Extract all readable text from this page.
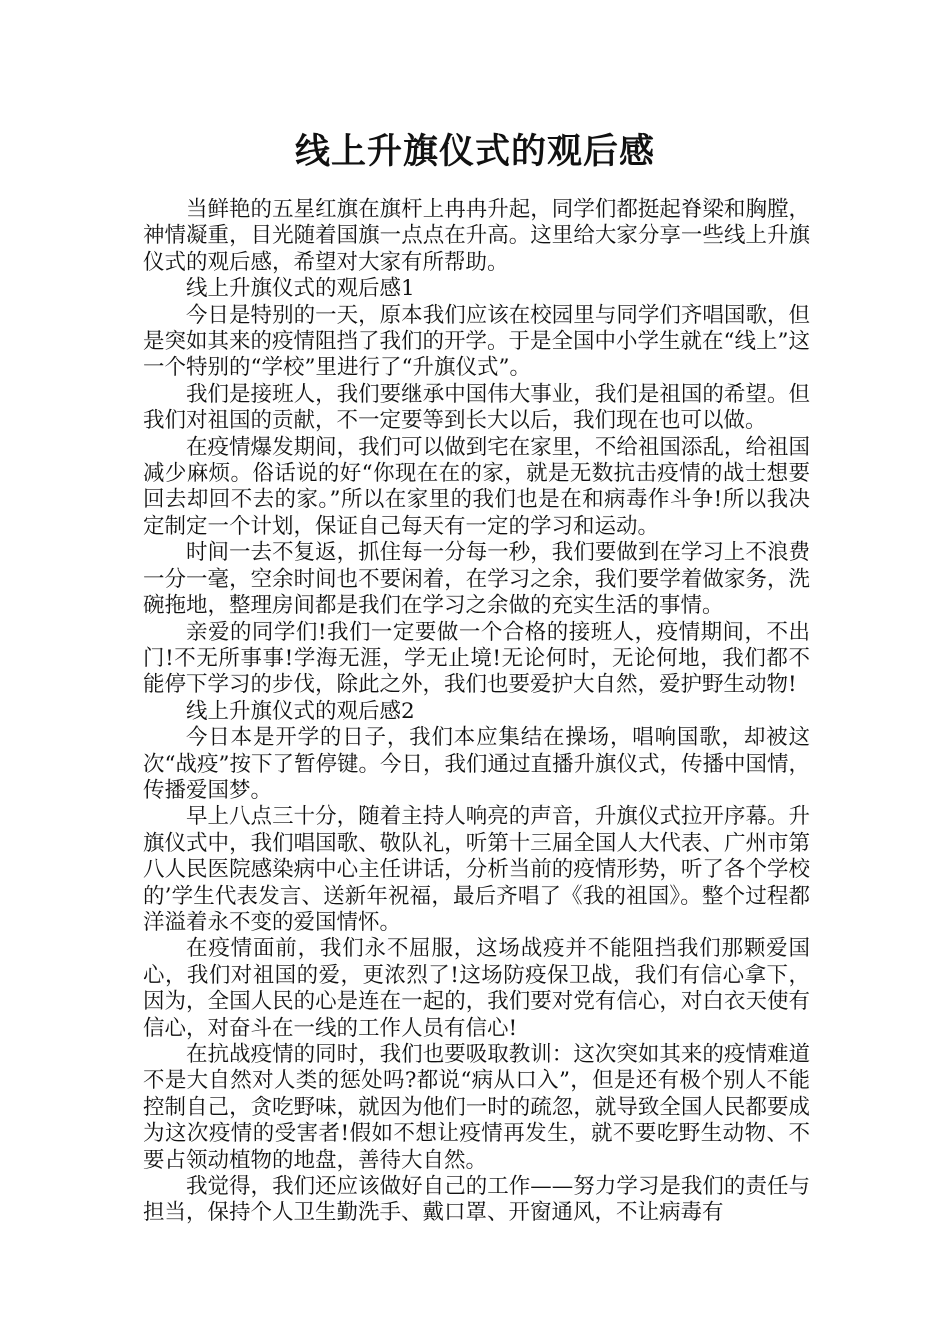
线上升旗仪式的观后感

当鲜艳的五星红旗在旗杆上冉冉升起，同学们都挺起脊梁和胸膛，神情凝重，目光随着国旗一点点在升高。这里给大家分享一些线上升旗仪式的观后感，希望对大家有所帮助。

线上升旗仪式的观后感1

今日是特别的一天，原本我们应该在校园里与同学们齐唱国歌，但是突如其来的疫情阻挡了我们的开学。于是全国中小学生就在“线上”这一个特别的“学校”里进行了“升旗仪式”。

我们是接班人，我们要继承中国伟大事业，我们是祖国的希望。但我们对祖国的贡献，不一定要等到长大以后，我们现在也可以做。

在疫情爆发期间，我们可以做到宅在家里，不给祖国添乱，给祖国减少麻烦。俗话说的好“你现在在的家，就是无数抗击疫情的战士想要回去却回不去的家。”所以在家里的我们也是在和病毒作斗争!所以我决定制定一个计划，保证自己每天有一定的学习和运动。

时间一去不复返，抓住每一分每一秒，我们要做到在学习上不浪费一分一毫，空余时间也不要闲着，在学习之余，我们要学着做家务，洗碗拖地，整理房间都是我们在学习之余做的充实生活的事情。

亲爱的同学们!我们一定要做一个合格的接班人，疫情期间，不出门!不无所事事!学海无涯，学无止境!无论何时，无论何地，我们都不能停下学习的步伐，除此之外，我们也要爱护大自然，爱护野生动物!

线上升旗仪式的观后感2

今日本是开学的日子，我们本应集结在操场，唱响国歌，却被这次“战疫”按下了暂停键。今日，我们通过直播升旗仪式，传播中国情，传播爱国梦。

早上八点三十分，随着主持人响亮的声音，升旗仪式拉开序幕。升旗仪式中，我们唱国歌、敬队礼，听第十三届全国人大代表、广州市第八人民医院感染病中心主任讲话，分析当前的疫情形势，听了各个学校的’学生代表发言、送新年祝福，最后齐唱了《我的祖国》。整个过程都洋溢着永不变的爱国情怀。

在疫情面前，我们永不屈服，这场战疫并不能阻挡我们那颗爱国心，我们对祖国的爱，更浓烈了!这场防疫保卫战，我们有信心拿下，因为，全国人民的心是连在一起的，我们要对党有信心，对白衣天使有信心，对奋斗在一线的工作人员有信心!

在抗战疫情的同时，我们也要吸取教训：这次突如其来的疫情难道不是大自然对人类的惩处吗?都说“病从口入”，但是还有极个别人不能控制自己，贪吃野味，就因为他们一时的疏忽，就导致全国人民都要成为这次疫情的受害者!假如不想让疫情再发生，就不要吃野生动物、不要占领动植物的地盘，善待大自然。

我觉得，我们还应该做好自己的工作——努力学习是我们的责任与担当，保持个人卫生勤洗手、戴口罩、开窗通风，不让病毒有
